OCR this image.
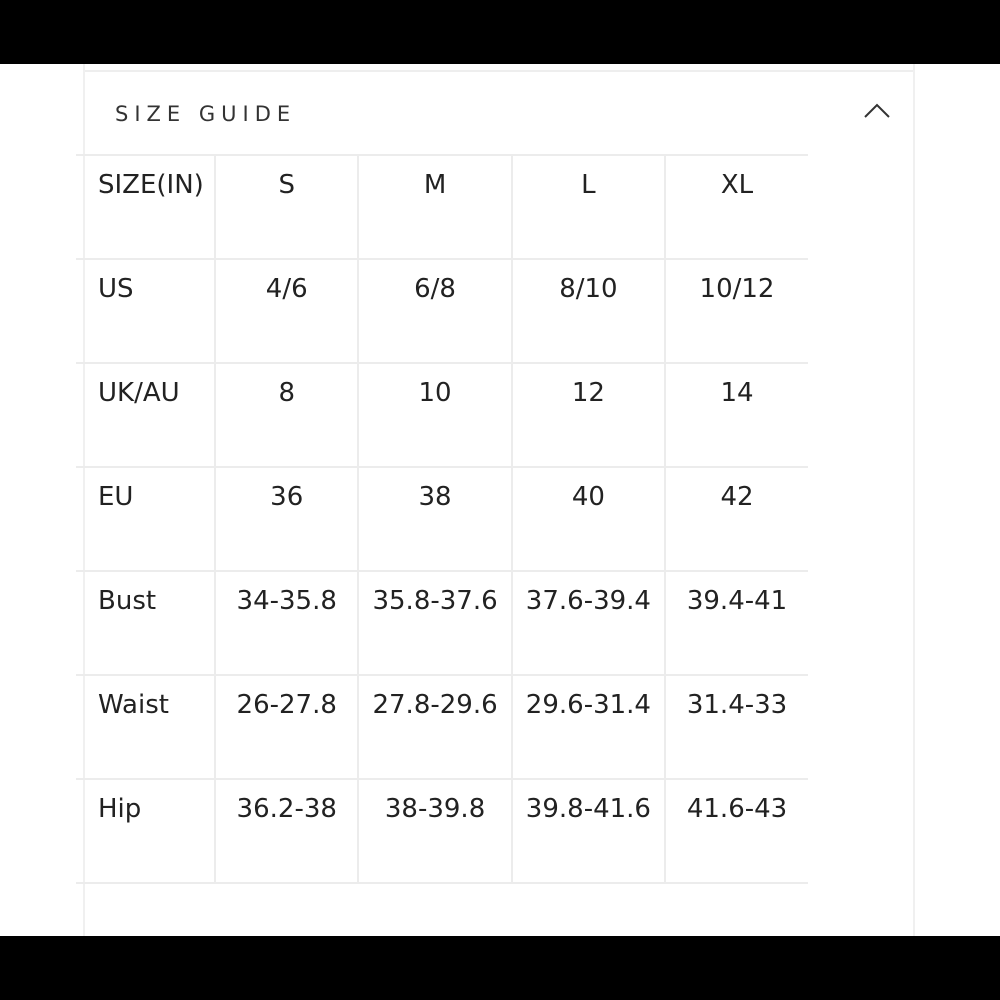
SIZE GUIDE
SIZE(IN)	S	M	L	XL
US	4/6	6/8	8/10	10/12
UK/AU	8	10	12	14
EU	36	38	40	42
Bust	34-35.8	35.8-37.6	37.6-39.4	39.4-41
Waist	26-27.8	27.8-29.6	29.6-31.4	31.4-33
Hip	36.2-38	38-39.8	39.8-41.6	41.6-43
